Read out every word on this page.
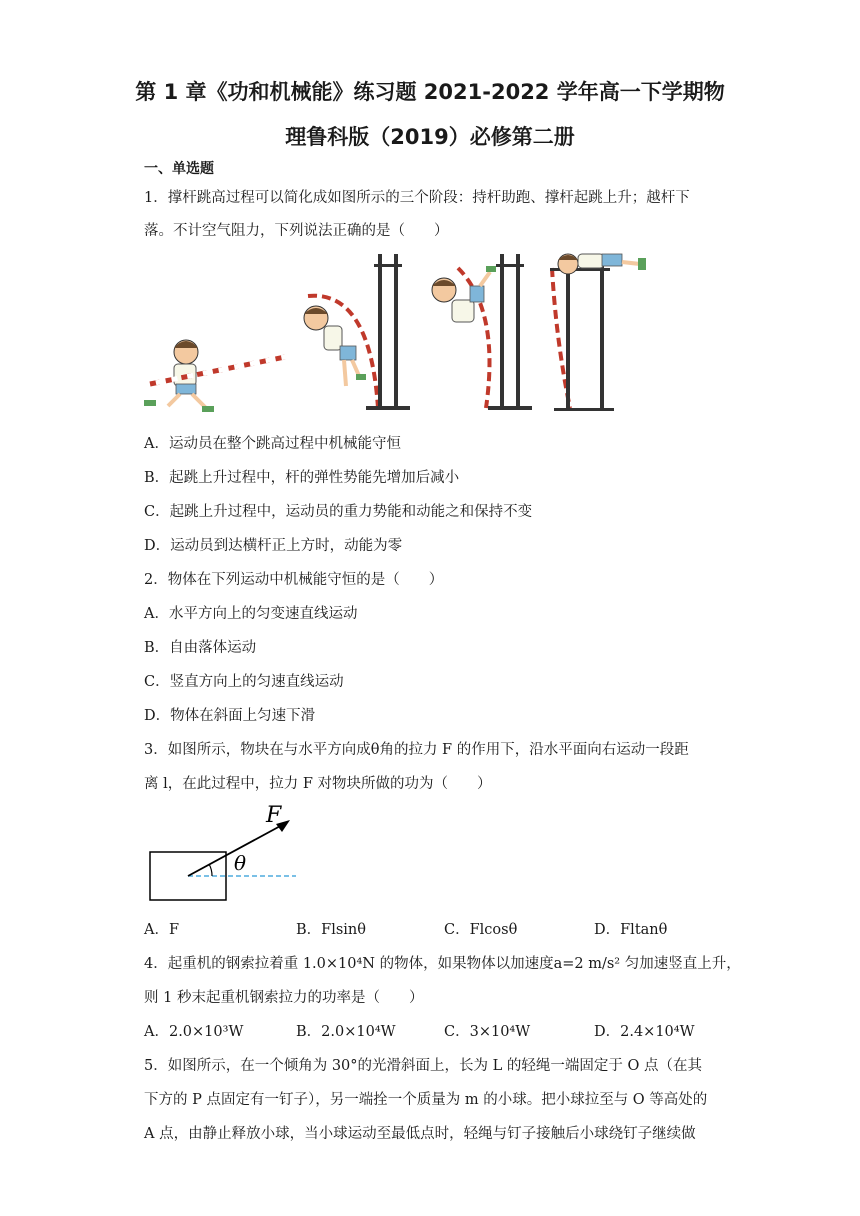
第 1 章《功和机械能》练习题 2021-2022 学年高一下学期物
理鲁科版（2019）必修第二册
一、单选题
1．撑杆跳高过程可以简化成如图所示的三个阶段：持杆助跑、撑杆起跳上升；越杆下
落。不计空气阻力，下列说法正确的是（　　）
A．运动员在整个跳高过程中机械能守恒
B．起跳上升过程中，杆的弹性势能先增加后减小
C．起跳上升过程中，运动员的重力势能和动能之和保持不变
D．运动员到达横杆正上方时，动能为零
2．物体在下列运动中机械能守恒的是（　　）
A．水平方向上的匀变速直线运动
B．自由落体运动
C．竖直方向上的匀速直线运动
D．物体在斜面上匀速下滑
3．如图所示，物块在与水平方向成θ角的拉力 F 的作用下，沿水平面向右运动一段距
离 l，在此过程中，拉力 F 对物块所做的功为（　　）
F
θ
A．F	B．Flsinθ	C．Flcosθ	D．Fltanθ
4．起重机的钢索拉着重 1.0×10⁴N 的物体，如果物体以加速度a=2 m/s² 匀加速竖直上升，
则 1 秒末起重机钢索拉力的功率是（　　）
A．2.0×10³W	B．2.0×10⁴W	C．3×10⁴W	D．2.4×10⁴W
5．如图所示，在一个倾角为 30°的光滑斜面上，长为 L 的轻绳一端固定于 O 点（在其
下方的 P 点固定有一钉子），另一端拴一个质量为 m 的小球。把小球拉至与 O 等高处的
A 点，由静止释放小球，当小球运动至最低点时，轻绳与钉子接触后小球绕钉子继续做
